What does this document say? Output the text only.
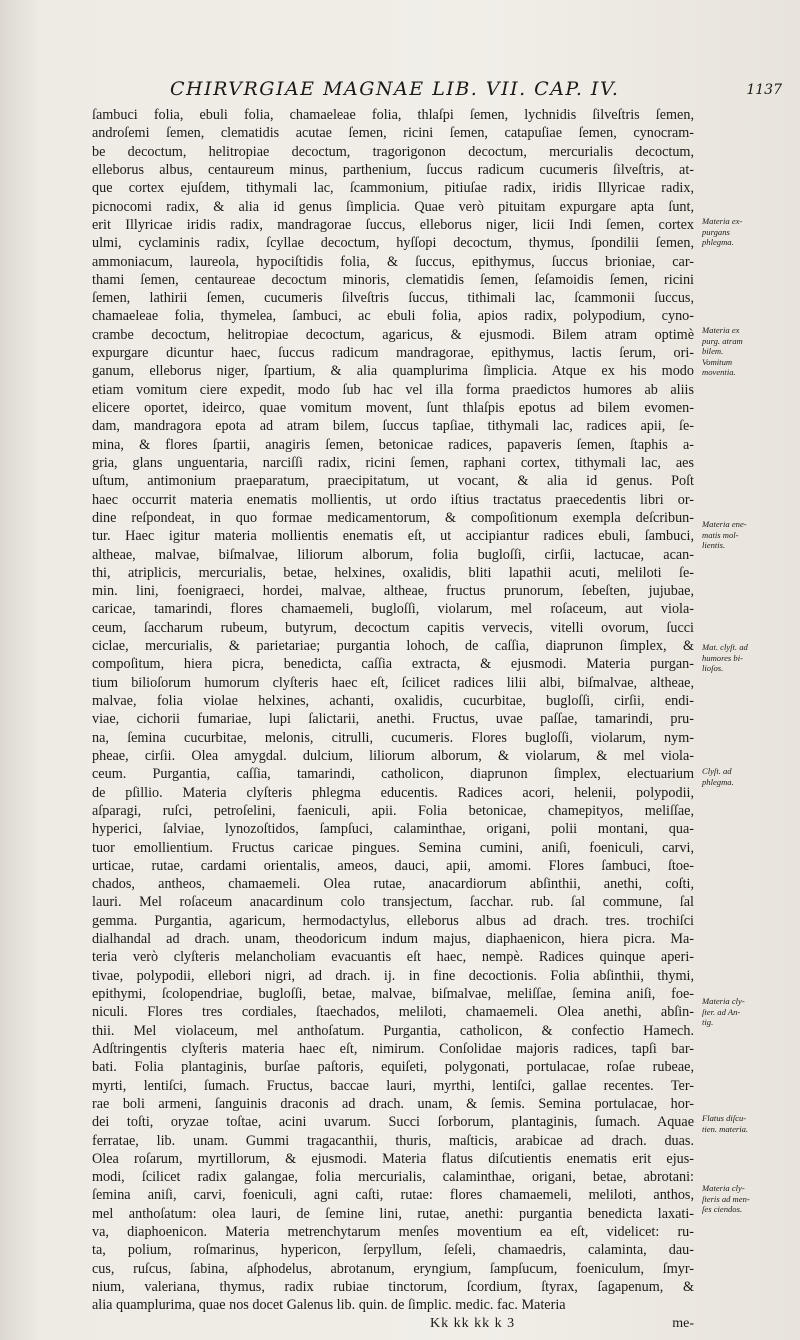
CHIRVRGIAE MAGNAE LIB. VII. CAP. IV.	1137
ſambuci folia, ebuli folia, chamaeleae folia, thlaſpi ſemen, lychnidis ſilveſtris ſemen,
androſemi ſemen, clematidis acutae ſemen, ricini ſemen, catapuſiae ſemen, cynocram-
be decoctum, helitropiae decoctum, tragorigonon decoctum, mercurialis decoctum,
elleborus albus, centaureum minus, parthenium, ſuccus radicum cucumeris ſilveſtris, at-
que cortex ejuſdem, tithymali lac, ſcammonium, pitiuſae radix, iridis Illyricae radix,
picnocomi radix, & alia id genus ſimplicia. Quae verò pituitam expurgare apta ſunt,
erit Illyricae iridis radix, mandragorae ſuccus, elleborus niger, licii Indi ſemen, cortex
ulmi, cyclaminis radix, ſcyllae decoctum, hyſſopi decoctum, thymus, ſpondilii ſemen,
ammoniacum, laureola, hypociſtidis folia, & ſuccus, epithymus, ſuccus brioniae, car-
thami ſemen, centaureae decoctum minoris, clematidis ſemen, ſeſamoidis ſemen, ricini
ſemen, lathirii ſemen, cucumeris ſilveſtris ſuccus, tithimali lac, ſcammonii ſuccus,
chamaeleae folia, thymelea, ſambuci, ac ebuli folia, apios radix, polypodium, cyno-
crambe decoctum, helitropiae decoctum, agaricus, & ejusmodi. Bilem atram optimè
expurgare dicuntur haec, ſuccus radicum mandragorae, epithymus, lactis ſerum, ori-
ganum, elleborus niger, ſpartium, & alia quamplurima ſimplicia. Atque ex his modo
etiam vomitum ciere expedit, modo ſub hac vel illa forma praedictos humores ab aliis
elicere oportet, ideirco, quae vomitum movent, ſunt thlaſpis epotus ad bilem evomen-
dam, mandragora epota ad atram bilem, ſuccus tapſiae, tithymali lac, radices apii, ſe-
mina, & flores ſpartii, anagiris ſemen, betonicae radices, papaveris ſemen, ſtaphis a-
gria, glans unguentaria, narciſſi radix, ricini ſemen, raphani cortex, tithymali lac, aes
uſtum, antimonium praeparatum, praecipitatum, ut vocant, & alia id genus. Poſt
haec occurrit materia enematis mollientis, ut ordo iſtius tractatus praecedentis libri or-
dine reſpondeat, in quo formae medicamentorum, & compoſitionum exempla deſcribun-
tur. Haec igitur materia mollientis enematis eſt, ut accipiantur radices ebuli, ſambuci,
altheae, malvae, biſmalvae, liliorum alborum, folia bugloſſi, cirſii, lactucae, acan-
thi, atriplicis, mercurialis, betae, helxines, oxalidis, bliti lapathii acuti, meliloti ſe-
min. lini, foenigraeci, hordei, malvae, altheae, fructus prunorum, ſebeſten, jujubae,
caricae, tamarindi, flores chamaemeli, bugloſſi, violarum, mel roſaceum, aut viola-
ceum, ſaccharum rubeum, butyrum, decoctum capitis vervecis, vitelli ovorum, ſucci
ciclae, mercurialis, & parietariae; purgantia lohoch, de caſſia, diaprunon ſimplex, &
compoſitum, hiera picra, benedicta, caſſia extracta, & ejusmodi. Materia purgan-
tium bilioſorum humorum clyſteris haec eſt, ſcilicet radices lilii albi, biſmalvae, altheae,
malvae, folia violae helxines, achanti, oxalidis, cucurbitae, bugloſſi, cirſii, endi-
viae, cichorii fumariae, lupi ſalictarii, anethi. Fructus, uvae paſſae, tamarindi, pru-
na, ſemina cucurbitae, melonis, citrulli, cucumeris. Flores bugloſſi, violarum, nym-
pheae, cirſii. Olea amygdal. dulcium, liliorum alborum, & violarum, & mel viola-
ceum. Purgantia, caſſia, tamarindi, catholicon, diaprunon ſimplex, electuarium
de pſillio. Materia clyſteris phlegma educentis. Radices acori, helenii, polypodii,
aſparagi, ruſci, petroſelini, faeniculi, apii. Folia betonicae, chamepityos, meliſſae,
hyperici, ſalviae, lynozoſtidos, ſampſuci, calaminthae, origani, polii montani, qua-
tuor emollientium. Fructus caricae pingues. Semina cumini, aniſi, foeniculi, carvi,
urticae, rutae, cardami orientalis, ameos, dauci, apii, amomi. Flores ſambuci, ſtoe-
chados, antheos, chamaemeli. Olea rutae, anacardiorum abſinthii, anethi, coſti,
lauri. Mel roſaceum anacardinum colo transjectum, ſacchar. rub. ſal commune, ſal
gemma. Purgantia, agaricum, hermodactylus, elleborus albus ad drach. tres. trochiſci
dialhandal ad drach. unam, theodoricum indum majus, diaphaenicon, hiera picra. Ma-
teria verò clyſteris melancholiam evacuantis eſt haec, nempè. Radices quinque aperi-
tivae, polypodii, ellebori nigri, ad drach. ij. in fine decoctionis. Folia abſinthii, thymi,
epithymi, ſcolopendriae, bugloſſi, betae, malvae, biſmalvae, meliſſae, ſemina aniſi, foe-
niculi. Flores tres cordiales, ſtaechados, meliloti, chamaemeli. Olea anethi, abſin-
thii. Mel violaceum, mel anthoſatum. Purgantia, catholicon, & confectio Hamech.
Adſtringentis clyſteris materia haec eſt, nimirum. Conſolidae majoris radices, tapſi bar-
bati. Folia plantaginis, burſae paſtoris, equiſeti, polygonati, portulacae, roſae rubeae,
myrti, lentiſci, ſumach. Fructus, baccae lauri, myrthi, lentiſci, gallae recentes. Ter-
rae boli armeni, ſanguinis draconis ad drach. unam, & ſemis. Semina portulacae, hor-
dei toſti, oryzae toſtae, acini uvarum. Succi ſorborum, plantaginis, ſumach. Aquae
ferratae, lib. unam. Gummi tragacanthii, thuris, maſticis, arabicae ad drach. duas.
Olea roſarum, myrtillorum, & ejusmodi. Materia flatus diſcutientis enematis erit ejus-
modi, ſcilicet radix galangae, folia mercurialis, calaminthae, origani, betae, abrotani:
ſemina aniſi, carvi, foeniculi, agni caſti, rutae: flores chamaemeli, meliloti, anthos,
mel anthoſatum: olea lauri, de ſemine lini, rutae, anethi: purgantia benedicta laxati-
va, diaphoenicon. Materia metrenchytarum menſes moventium ea eſt, videlicet: ru-
ta, polium, roſmarinus, hypericon, ſerpyllum, ſeſeli, chamaedris, calaminta, dau-
cus, ruſcus, ſabina, aſphodelus, abrotanum, eryngium, ſampſucum, foeniculum, ſmyr-
nium, valeriana, thymus, radix rubiae tinctorum, ſcordium, ſtyrax, ſagapenum, &
alia quamplurima, quae nos docet Galenus lib. quin. de ſimplic. medic. fac. Materia
Materia ex-
purgans
phlegma.
Materia ex
purg. atram
bilem.
Vomitum
moventia.
Materia ene-
matis mol-
lientis.
Mat. clyſt. ad
humores bi-
lioſos.
Clyſt. ad
phlegma.
Materia cly-
ſter. ad An-
tig.
Flatus diſcu-
tien. materia.
Materia cly-
ſteris ad men-
ſes ciendos.
Kk kk kk k 3	me-
